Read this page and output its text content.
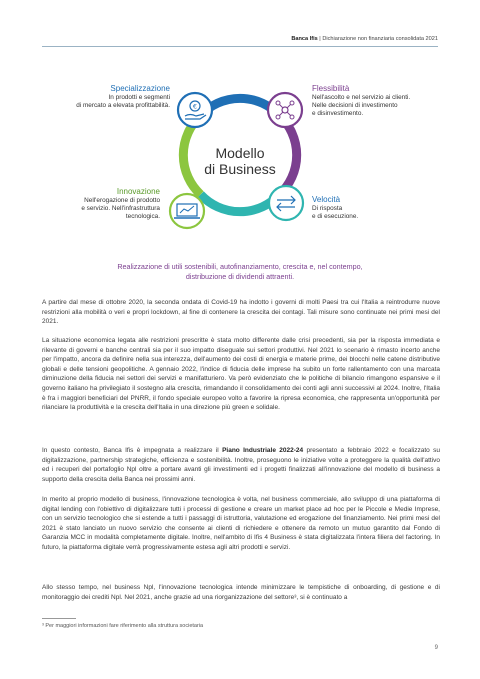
Banca Ifis | Dichiarazione non finanziaria consolidata 2021
€
Modello
di Business
Specializzazione
In prodotti e segmenti
di mercato a elevata profittabilità.
Flessibilità
Nell'ascolto e nel servizio ai clienti.
Nelle decisioni di investimento
e disinvestimento.
Innovazione
Nell'erogazione di prodotto
e servizio. Nell'infrastruttura
tecnologica.
Velocità
Di risposta
e di esecuzione.
Realizzazione di utili sostenibili, autofinanziamento, crescita e, nel contempo,
distribuzione di dividendi attraenti.
A partire dal mese di ottobre 2020, la seconda ondata di Covid-19 ha indotto i governi di molti Paesi tra cui l'Italia a reintrodurre nuove restrizioni alla mobilità o veri e propri lockdown, al fine di contenere la crescita dei contagi. Tali misure sono continuate nei primi mesi del 2021.
La situazione economica legata alle restrizioni prescritte è stata molto differente dalle crisi precedenti, sia per la risposta immediata e rilevante di governi e banche centrali sia per il suo impatto diseguale sui settori produttivi. Nel 2021 lo scenario è rimasto incerto anche per l'impatto, ancora da definire nella sua interezza, dell'aumento dei costi di energia e materie prime, dei blocchi nelle catene distributive globali e delle tensioni geopolitiche. A gennaio 2022, l'indice di fiducia delle imprese ha subito un forte rallentamento con una marcata diminuzione della fiducia nei settori dei servizi e manifatturiero. Va però evidenziato che le politiche di bilancio rimangono espansive e il governo italiano ha privilegiato il sostegno alla crescita, rimandando il consolidamento dei conti agli anni successivi al 2024. Inoltre, l'Italia è fra i maggiori beneficiari del PNRR, il fondo speciale europeo volto a favorire la ripresa economica, che rappresenta un'opportunità per rilanciare la produttività e la crescita dell'Italia in una direzione più green e solidale.
In questo contesto, Banca Ifis è impegnata a realizzare il Piano Industriale 2022-24 presentato a febbraio 2022 e focalizzato su digitalizzazione, partnership strategiche, efficienza e sostenibilità. Inoltre, proseguono le iniziative volte a proteggere la qualità dell'attivo ed i recuperi del portafoglio Npl oltre a portare avanti gli investimenti ed i progetti finalizzati all'innovazione del modello di business a supporto della crescita della Banca nei prossimi anni.
In merito al proprio modello di business, l'innovazione tecnologica è volta, nel business commerciale, allo sviluppo di una piattaforma di digital lending con l'obiettivo di digitalizzare tutti i processi di gestione e creare un market place ad hoc per le Piccole e Medie Imprese, con un servizio tecnologico che si estende a tutti i passaggi di istruttoria, valutazione ed erogazione del finanziamento. Nei primi mesi del 2021 è stato lanciato un nuovo servizio che consente ai clienti di richiedere e ottenere da remoto un mutuo garantito dal Fondo di Garanzia MCC in modalità completamente digitale. Inoltre, nell'ambito di Ifis 4 Business è stata digitalizzata l'intera filiera del factoring. In futuro, la piattaforma digitale verrà progressivamente estesa agli altri prodotti e servizi.
Allo stesso tempo, nel business Npl, l'innovazione tecnologica intende minimizzare le tempistiche di onboarding, di gestione e di monitoraggio dei crediti Npl. Nel 2021, anche grazie ad una riorganizzazione del settore³, si è continuato a
³ Per maggiori informazioni fare riferimento alla struttura societaria
9
